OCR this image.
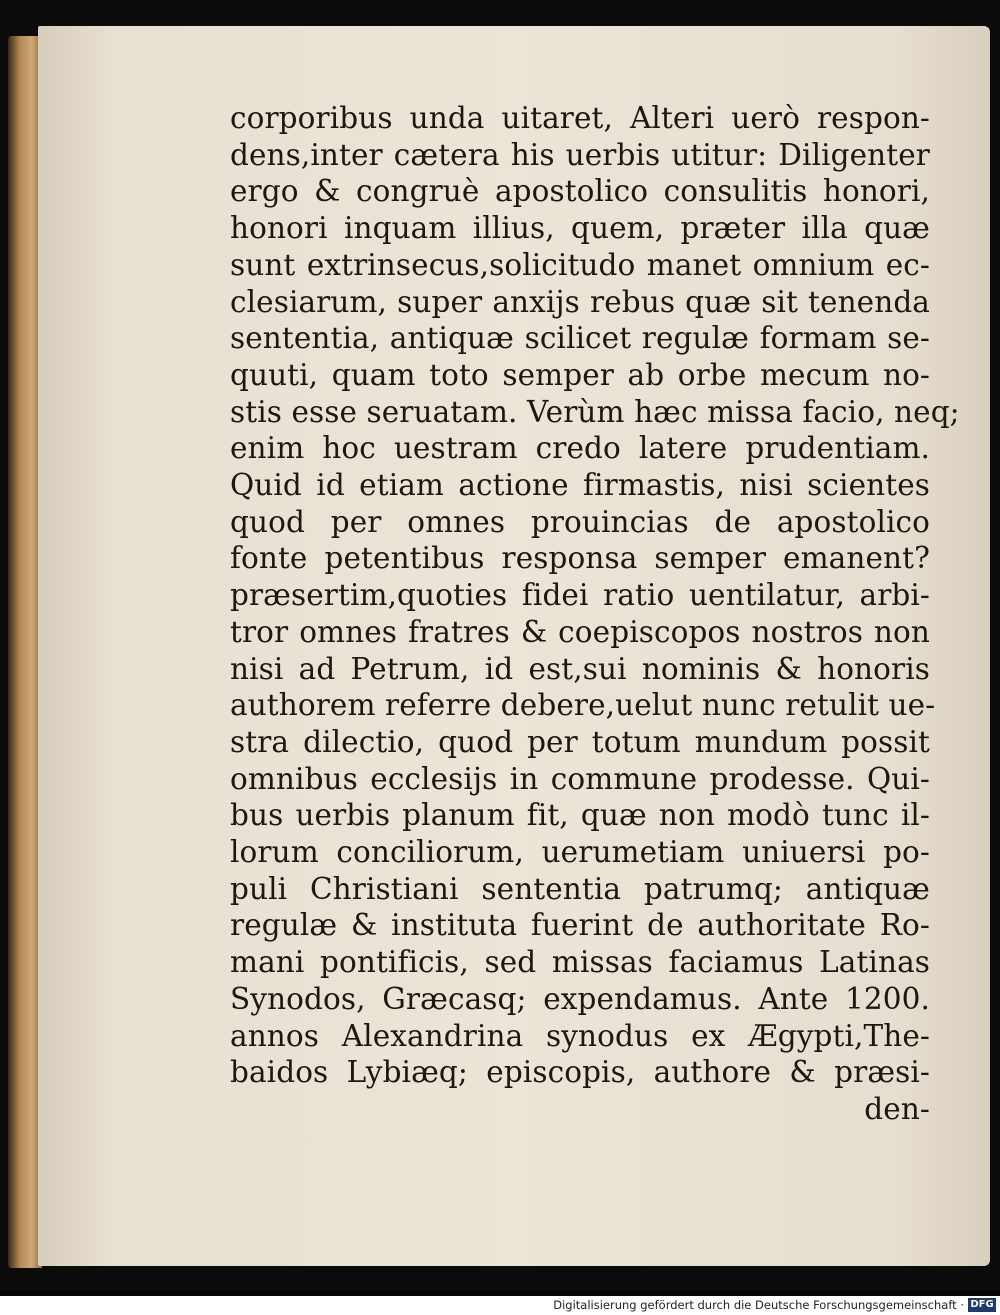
corporibus unda uitaret, Alteri uerò respon-
dens,inter cætera his uerbis utitur: Diligenter
ergo & congruè apostolico consulitis honori,
honori inquam illius, quem, præter illa quæ
sunt extrinsecus,solicitudo manet omnium ec-
clesiarum, super anxijs rebus quæ sit tenenda
sententia, antiquæ scilicet regulæ formam se-
quuti, quam toto semper ab orbe mecum no-
stis esse seruatam. Verùm hæc missa facio, neq;
enim hoc uestram credo latere prudentiam.
Quid id etiam actione firmastis, nisi scientes
quod per omnes prouincias de apostolico
fonte petentibus responsa semper emanent?
præsertim,quoties fidei ratio uentilatur, arbi-
tror omnes fratres & coepiscopos nostros non
nisi ad Petrum, id est,sui nominis & honoris
authorem referre debere,uelut nunc retulit ue-
stra dilectio, quod per totum mundum possit
omnibus ecclesijs in commune prodesse. Qui-
bus uerbis planum fit, quæ non modò tunc il-
lorum conciliorum, uerumetiam uniuersi po-
puli Christiani sententia patrumq; antiquæ
regulæ & instituta fuerint de authoritate Ro-
mani pontificis, sed missas faciamus Latinas
Synodos, Græcasq; expendamus. Ante 1200.
annos Alexandrina synodus ex Ægypti,The-
baidos Lybiæq; episcopis, authore & præsi-
den-
Digitalisierung gefördert durch die Deutsche Forschungsgemeinschaft · DFG
